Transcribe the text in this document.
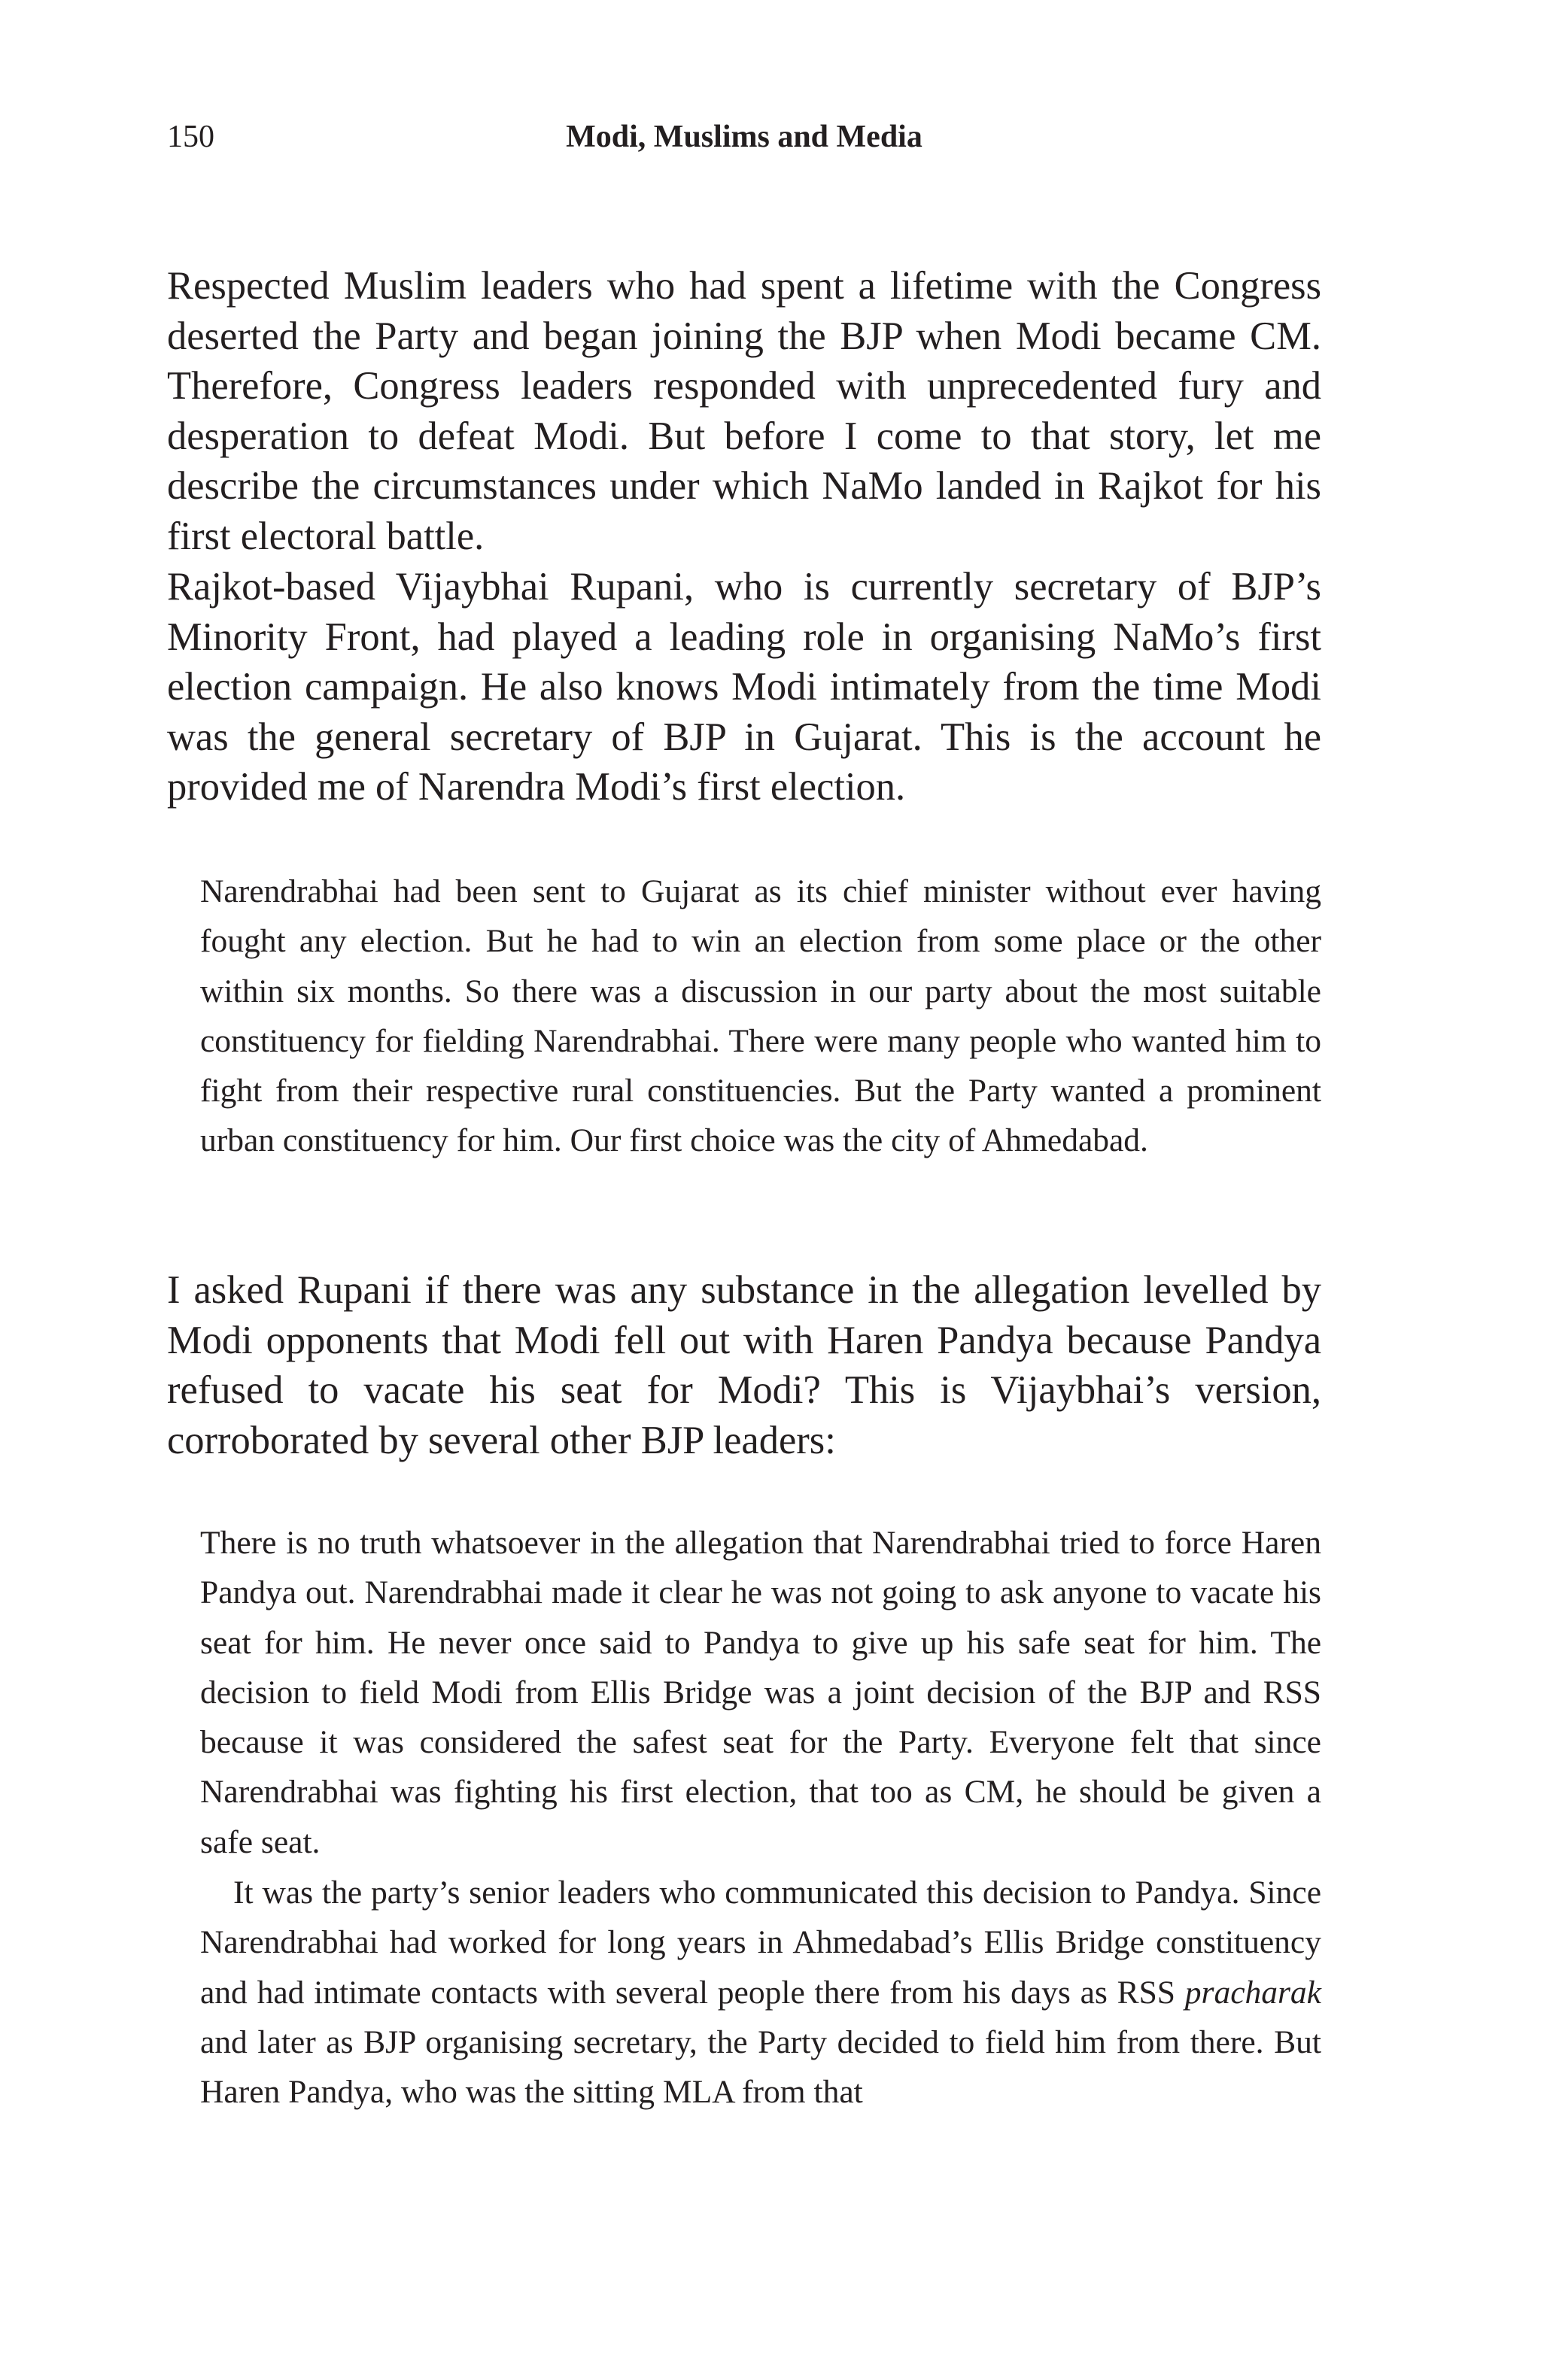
150	Modi, Muslims and Media

Respected Muslim leaders who had spent a lifetime with the Congress deserted the Party and began joining the BJP when Modi became CM. Therefore, Congress leaders responded with unprecedented fury and desperation to defeat Modi. But before I come to that story, let me describe the circumstances under which NaMo landed in Rajkot for his first electoral battle.

Rajkot-based Vijaybhai Rupani, who is currently secretary of BJP’s Minority Front, had played a leading role in organising NaMo’s first election campaign. He also knows Modi intimately from the time Modi was the general secretary of BJP in Gujarat. This is the account he provided me of Narendra Modi’s first election.

Narendrabhai had been sent to Gujarat as its chief minister without ever having fought any election. But he had to win an election from some place or the other within six months. So there was a discussion in our party about the most suitable constituency for fielding Narendrabhai. There were many people who wanted him to fight from their respective rural constituencies. But the Party wanted a prominent urban constituency for him. Our first choice was the city of Ahmedabad.

I asked Rupani if there was any substance in the allegation levelled by Modi opponents that Modi fell out with Haren Pandya because Pandya refused to vacate his seat for Modi? This is Vijaybhai’s version, corroborated by several other BJP leaders:

There is no truth whatsoever in the allegation that Narendrabhai tried to force Haren Pandya out. Narendrabhai made it clear he was not going to ask anyone to vacate his seat for him. He never once said to Pandya to give up his safe seat for him. The decision to field Modi from Ellis Bridge was a joint decision of the BJP and RSS because it was considered the safest seat for the Party. Everyone felt that since Narendrabhai was fighting his first election, that too as CM, he should be given a safe seat.

It was the party’s senior leaders who communicated this decision to Pandya. Since Narendrabhai had worked for long years in Ahmedabad’s Ellis Bridge constituency and had intimate contacts with several people there from his days as RSS pracharak and later as BJP organising secretary, the Party decided to field him from there. But Haren Pandya, who was the sitting MLA from that
